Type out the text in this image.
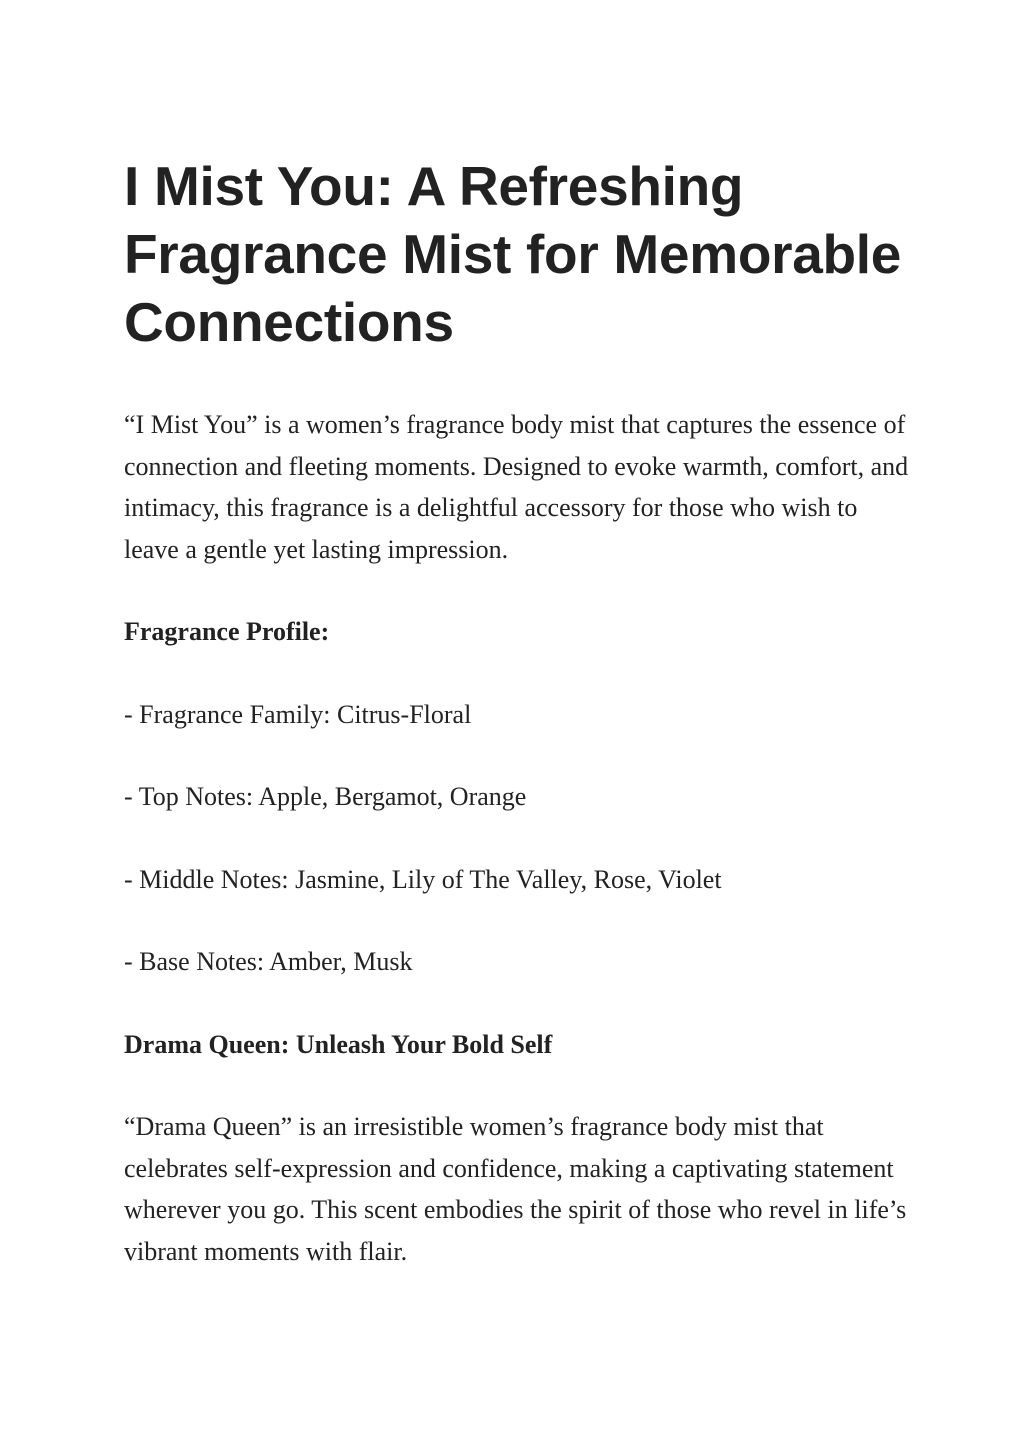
I Mist You: A Refreshing Fragrance Mist for Memorable Connections

“I Mist You” is a women’s fragrance body mist that captures the essence of connection and fleeting moments. Designed to evoke warmth, comfort, and intimacy, this fragrance is a delightful accessory for those who wish to leave a gentle yet lasting impression.

Fragrance Profile:
- Fragrance Family: Citrus-Floral
- Top Notes: Apple, Bergamot, Orange
- Middle Notes: Jasmine, Lily of The Valley, Rose, Violet
- Base Notes: Amber, Musk
Drama Queen: Unleash Your Bold Self

“Drama Queen” is an irresistible women’s fragrance body mist that celebrates self-expression and confidence, making a captivating statement wherever you go. This scent embodies the spirit of those who revel in life’s vibrant moments with flair.
